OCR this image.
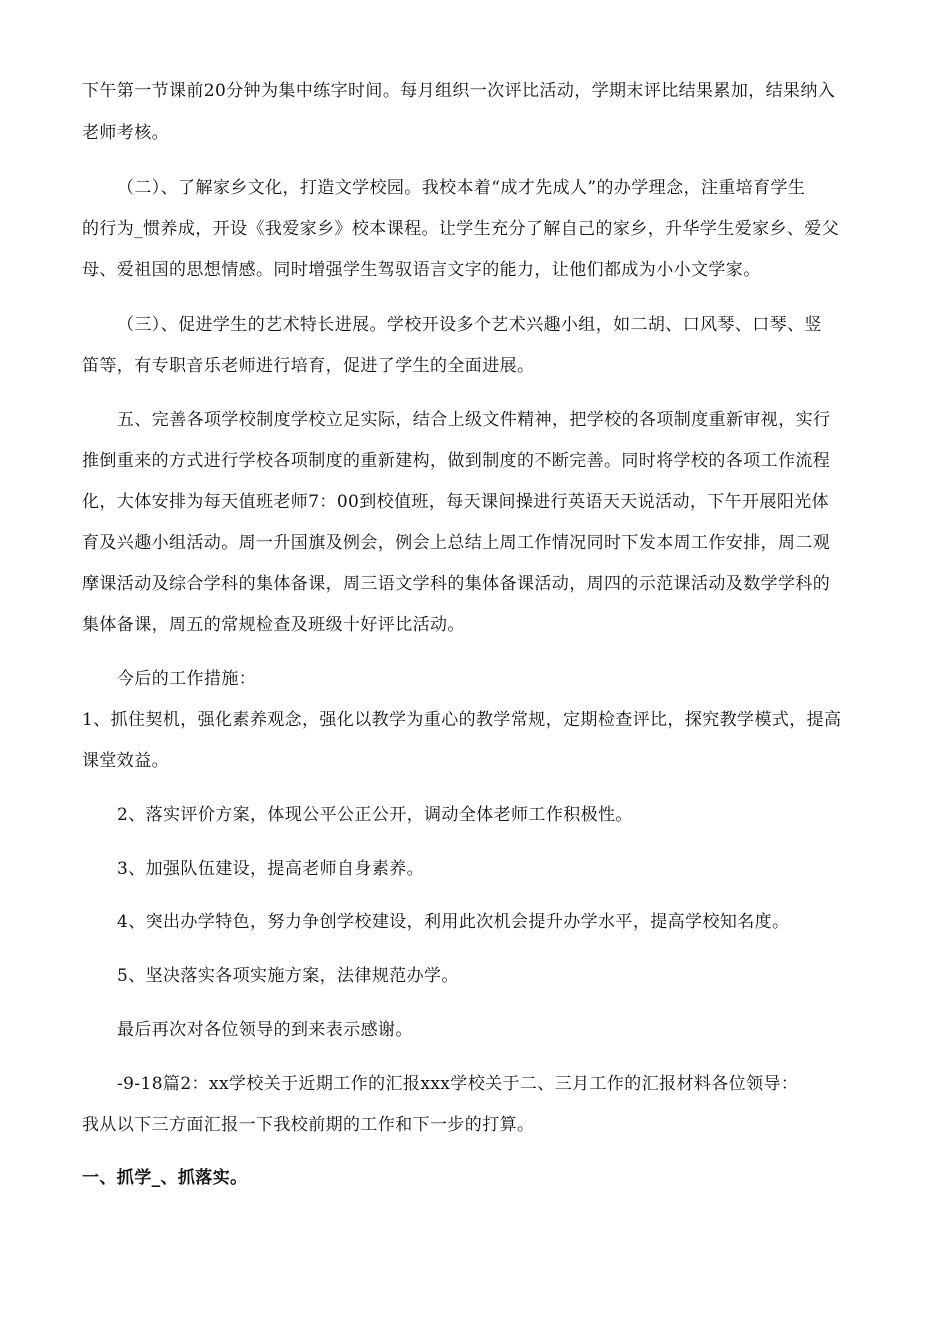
下午第一节课前20分钟为集中练字时间。每月组织一次评比活动，学期末评比结果累加，结果纳入
老师考核。
（二）、了解家乡文化，打造文学校园。我校本着“成才先成人”的办学理念，注重培育学生
的行为_惯养成，开设《我爱家乡》校本课程。让学生充分了解自己的家乡，升华学生爱家乡、爱父
母、爱祖国的思想情感。同时增强学生驾驭语言文字的能力，让他们都成为小小文学家。
（三）、促进学生的艺术特长进展。学校开设多个艺术兴趣小组，如二胡、口风琴、口琴、竖
笛等，有专职音乐老师进行培育，促进了学生的全面进展。
五、完善各项学校制度学校立足实际，结合上级文件精神，把学校的各项制度重新审视，实行
推倒重来的方式进行学校各项制度的重新建构，做到制度的不断完善。同时将学校的各项工作流程
化，大体安排为每天值班老师7：00到校值班，每天课间操进行英语天天说活动，下午开展阳光体
育及兴趣小组活动。周一升国旗及例会，例会上总结上周工作情况同时下发本周工作安排，周二观
摩课活动及综合学科的集体备课，周三语文学科的集体备课活动，周四的示范课活动及数学学科的
集体备课，周五的常规检查及班级十好评比活动。
今后的工作措施：
1、抓住契机，强化素养观念，强化以教学为重心的教学常规，定期检查评比，探究教学模式，提高
课堂效益。
2、落实评价方案，体现公平公正公开，调动全体老师工作积极性。
3、加强队伍建设，提高老师自身素养。
4、突出办学特色，努力争创学校建设，利用此次机会提升办学水平，提高学校知名度。
5、坚决落实各项实施方案，法律规范办学。
最后再次对各位领导的到来表示感谢。
-9-18篇2：xx学校关于近期工作的汇报xxx学校关于二、三月工作的汇报材料各位领导：
我从以下三方面汇报一下我校前期的工作和下一步的打算。
一、抓学_、抓落实。
